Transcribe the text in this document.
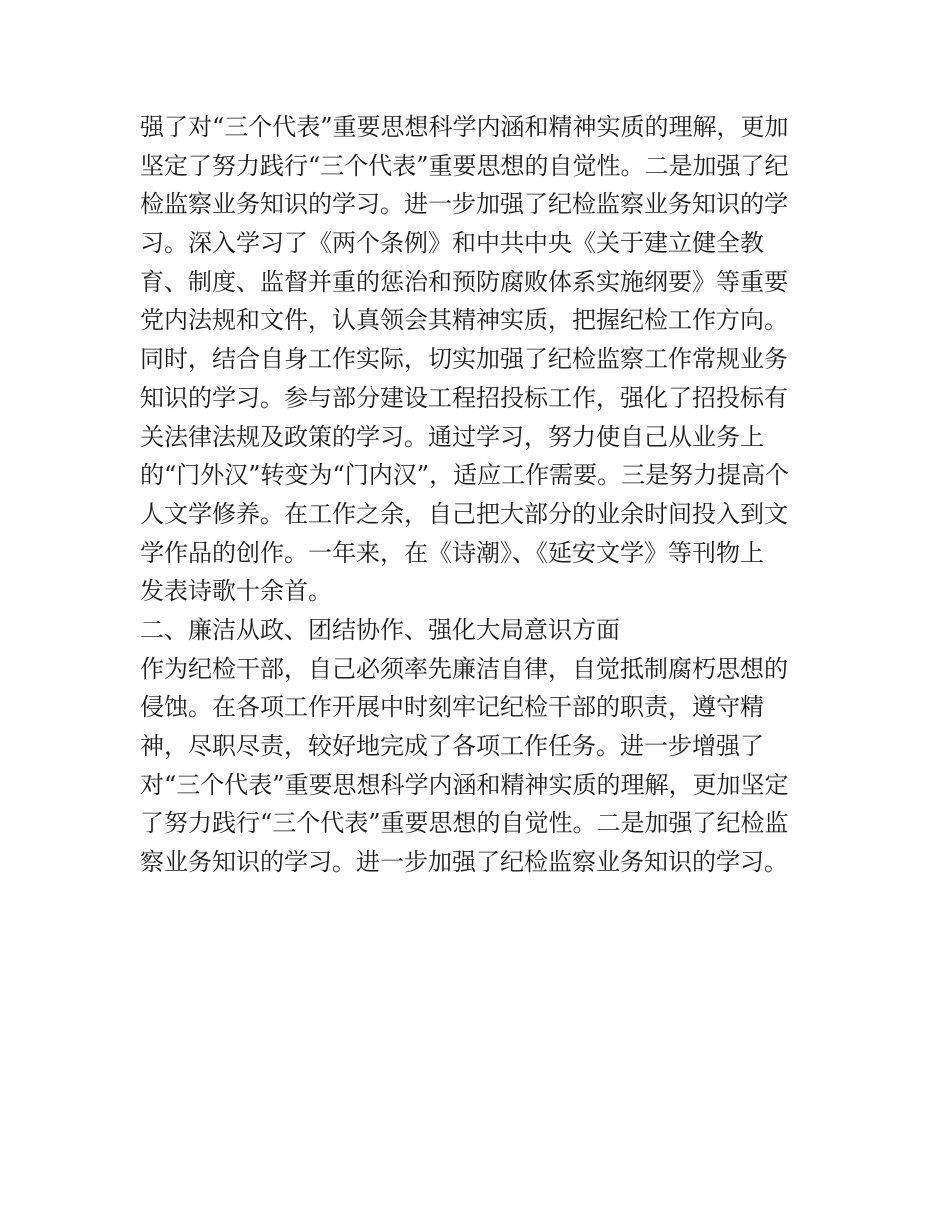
强了对“三个代表”重要思想科学内涵和精神实质的理解，更加
坚定了努力践行“三个代表”重要思想的自觉性。二是加强了纪
检监察业务知识的学习。进一步加强了纪检监察业务知识的学
习。深入学习了《两个条例》和中共中央《关于建立健全教
育、制度、监督并重的惩治和预防腐败体系实施纲要》等重要
党内法规和文件，认真领会其精神实质，把握纪检工作方向。
同时，结合自身工作实际，切实加强了纪检监察工作常规业务
知识的学习。参与部分建设工程招投标工作，强化了招投标有
关法律法规及政策的学习。通过学习，努力使自己从业务上
的“门外汉”转变为“门内汉”，适应工作需要。三是努力提高个
人文学修养。在工作之余，自己把大部分的业余时间投入到文
学作品的创作。一年来，在《诗潮》、《延安文学》等刊物上
发表诗歌十余首。
二、廉洁从政、团结协作、强化大局意识方面
作为纪检干部，自己必须率先廉洁自律，自觉抵制腐朽思想的
侵蚀。在各项工作开展中时刻牢记纪检干部的职责，遵守精
神，尽职尽责，较好地完成了各项工作任务。进一步增强了
对“三个代表”重要思想科学内涵和精神实质的理解，更加坚定
了努力践行“三个代表”重要思想的自觉性。二是加强了纪检监
察业务知识的学习。进一步加强了纪检监察业务知识的学习。
